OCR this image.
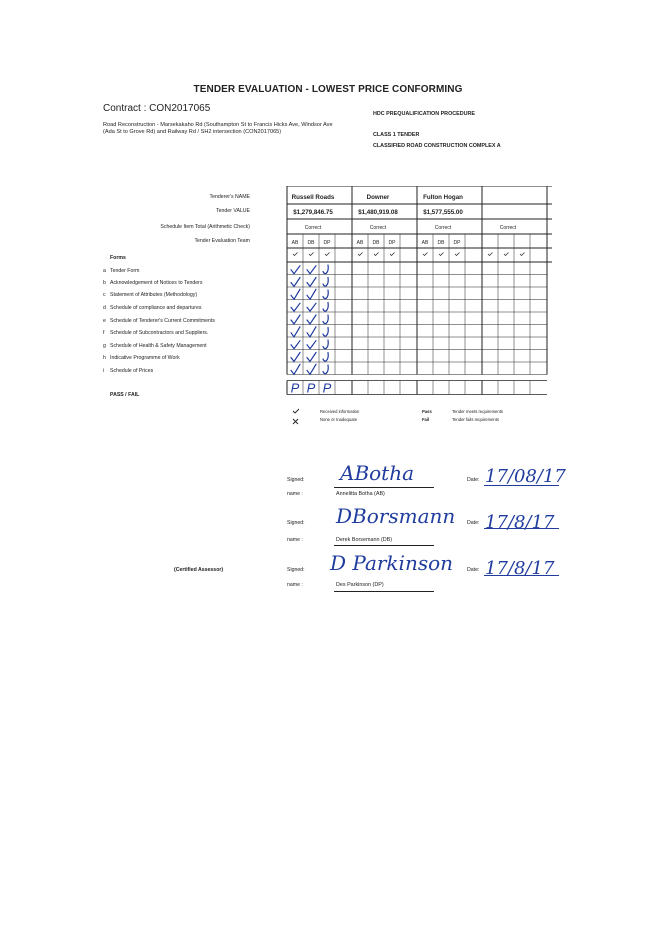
TENDER EVALUATION - LOWEST PRICE CONFORMING
Contract : CON2017065
Road Reconstruction - Marsekakaho Rd (Southampton St to Francis Hicks Ave, Windsor Ave
(Ada St to Grove Rd) and Railway Rd / SH2 intersection (CON2017065)
HDC PREQUALIFICATION PROCEDURE
CLASS 1 TENDER
CLASSIFIED ROAD CONSTRUCTION COMPLEX A
Tenderer's NAME
Tender VALUE
Schedule Item Total (Arithmetic Check)
Tender Evaluation Team
Forms
PASS / FAIL
a Tender Form
b Acknowledgement of Notices to Tenders
c Statement of Attributes (Methodology)
d Schedule of compliance and departures
e Schedule of Tenderer's Current Commitments
f Schedule of Subcontractors and Suppliers.
g Schedule of Health & Safety Management
h Indicative Programme of Work
i Schedule of Prices
Russell Roads
$1,279,846.75
Correct
AB DB DP
Downer
$1,480,919.08
Correct
AB DB DP
Fulton Hogan
$1,577,555.00
Correct
AB DB DP
Correct
P P P
Received information
None or Inadequate
Pass
Fail
Tender meets requirements
Tender fails requirements
(Certified Assessor)
Signed:
name :
Date:
ABotha
Annelitta Botha (AB)
17/08/17
Signed:
name :
Date:
DBorsmann
Derek Borsemann (DB)
17/8/17
Signed:
name :
Date:
D Parkinson
Des Parkinson (DP)
17/8/17
